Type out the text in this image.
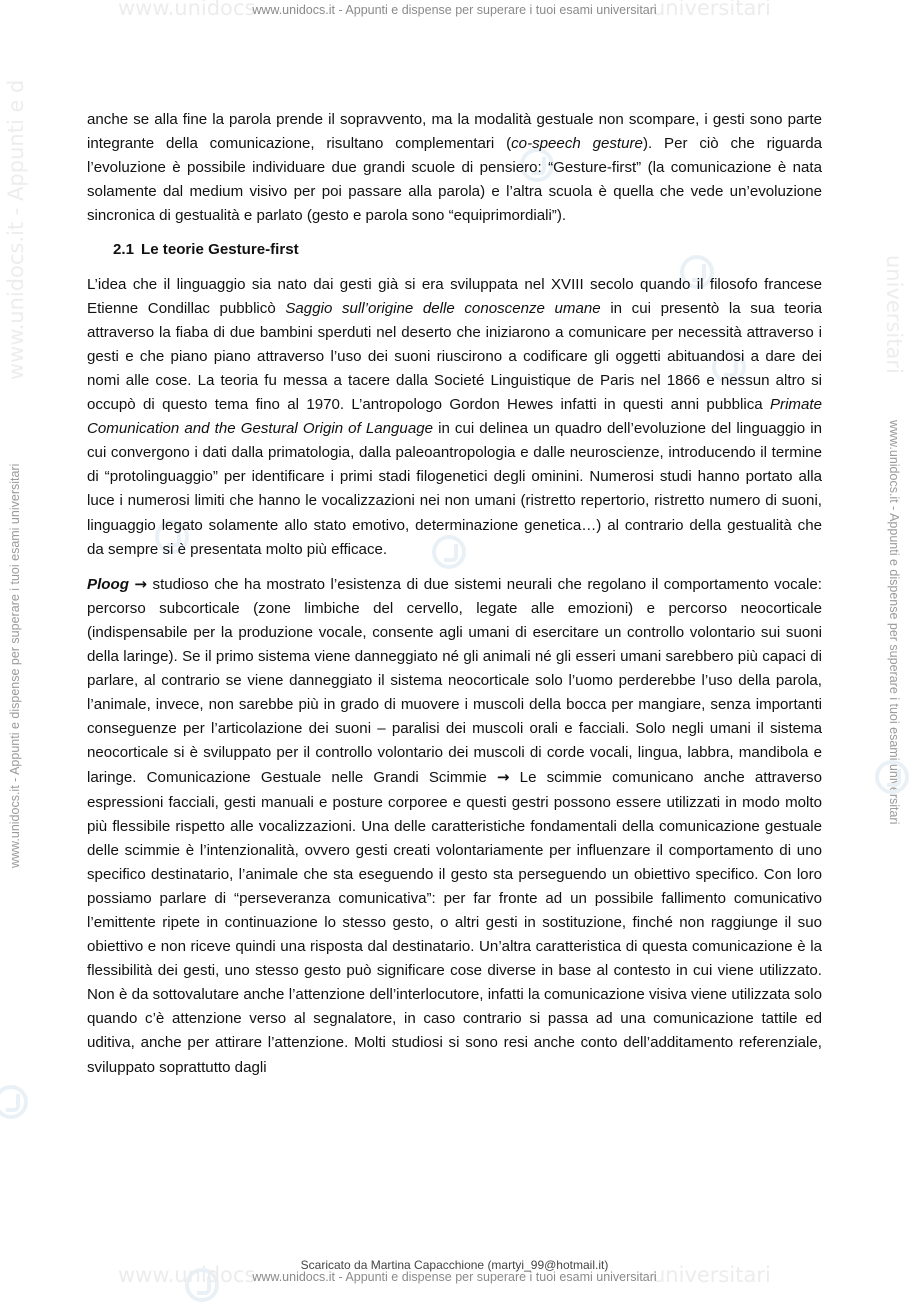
www.unidocs	universitari
www.unidocs.it - Appunti e dispense per superare i tuoi esami universitari
www.unidocs.it - Appunti e d
www.unidocs.it - Appunti e dispense per superare i tuoi esami universitari
universitari
www.unidocs.it - Appunti e dispense per superare i tuoi esami universitari

anche se alla fine la parola prende il sopravvento, ma la modalità gestuale non scompare, i gesti sono parte integrante della comunicazione, risultano complementari (co-speech gesture). Per ciò che riguarda l’evoluzione è possibile individuare due grandi scuole di pensiero: “Gesture-first” (la comunicazione è nata solamente dal medium visivo per poi passare alla parola) e l’altra scuola è quella che vede un’evoluzione sincronica di gestualità e parlato (gesto e parola sono “equiprimordiali”).

2.1 Le teorie Gesture-first

L’idea che il linguaggio sia nato dai gesti già si era sviluppata nel XVIII secolo quando il filosofo francese Etienne Condillac pubblicò Saggio sull’origine delle conoscenze umane in cui presentò la sua teoria attraverso la fiaba di due bambini sperduti nel deserto che iniziarono a comunicare per necessità attraverso i gesti e che piano piano attraverso l’uso dei suoni riuscirono a codificare gli oggetti abituandosi a dare dei nomi alle cose. La teoria fu messa a tacere dalla Societé Linguistique de Paris nel 1866 e nessun altro si occupò di questo tema fino al 1970. L’antropologo Gordon Hewes infatti in questi anni pubblica Primate Comunication and the Gestural Origin of Language in cui delinea un quadro dell’evoluzione del linguaggio in cui convergono i dati dalla primatologia, dalla paleoantropologia e dalle neuroscienze, introducendo il termine di “protolinguaggio” per identificare i primi stadi filogenetici degli ominini. Numerosi studi hanno portato alla luce i numerosi limiti che hanno le vocalizzazioni nei non umani (ristretto repertorio, ristretto numero di suoni, linguaggio legato solamente allo stato emotivo, determinazione genetica…) al contrario della gestualità che da sempre si è presentata molto più efficace.

Ploog → studioso che ha mostrato l’esistenza di due sistemi neurali che regolano il comportamento vocale: percorso subcorticale (zone limbiche del cervello, legate alle emozioni) e percorso neocorticale (indispensabile per la produzione vocale, consente agli umani di esercitare un controllo volontario sui suoni della laringe). Se il primo sistema viene danneggiato né gli animali né gli esseri umani sarebbero più capaci di parlare, al contrario se viene danneggiato il sistema neocorticale solo l’uomo perderebbe l’uso della parola, l’animale, invece, non sarebbe più in grado di muovere i muscoli della bocca per mangiare, senza importanti conseguenze per l’articolazione dei suoni – paralisi dei muscoli orali e facciali. Solo negli umani il sistema neocorticale si è sviluppato per il controllo volontario dei muscoli di corde vocali, lingua, labbra, mandibola e laringe. Comunicazione Gestuale nelle Grandi Scimmie → Le scimmie comunicano anche attraverso espressioni facciali, gesti manuali e posture corporee e questi gestri possono essere utilizzati in modo molto più flessibile rispetto alle vocalizzazioni. Una delle caratteristiche fondamentali della comunicazione gestuale delle scimmie è l’intenzionalità, ovvero gesti creati volontariamente per influenzare il comportamento di uno specifico destinatario, l’animale che sta eseguendo il gesto sta perseguendo un obiettivo specifico. Con loro possiamo parlare di “perseveranza comunicativa”: per far fronte ad un possibile fallimento comunicativo l’emittente ripete in continuazione lo stesso gesto, o altri gesti in sostituzione, finché non raggiunge il suo obiettivo e non riceve quindi una risposta dal destinatario. Un’altra caratteristica di questa comunicazione è la flessibilità dei gesti, uno stesso gesto può significare cose diverse in base al contesto in cui viene utilizzato. Non è da sottovalutare anche l’attenzione dell’interlocutore, infatti la comunicazione visiva viene utilizzata solo quando c’è attenzione verso al segnalatore, in caso contrario si passa ad una comunicazione tattile ed uditiva, anche per attirare l’attenzione. Molti studiosi si sono resi anche conto dell’additamento referenziale, sviluppato soprattutto dagli

Scaricato da Martina Capacchione (martyi_99@hotmail.it)
www.unidocs	universitari
www.unidocs.it - Appunti e dispense per superare i tuoi esami universitari
